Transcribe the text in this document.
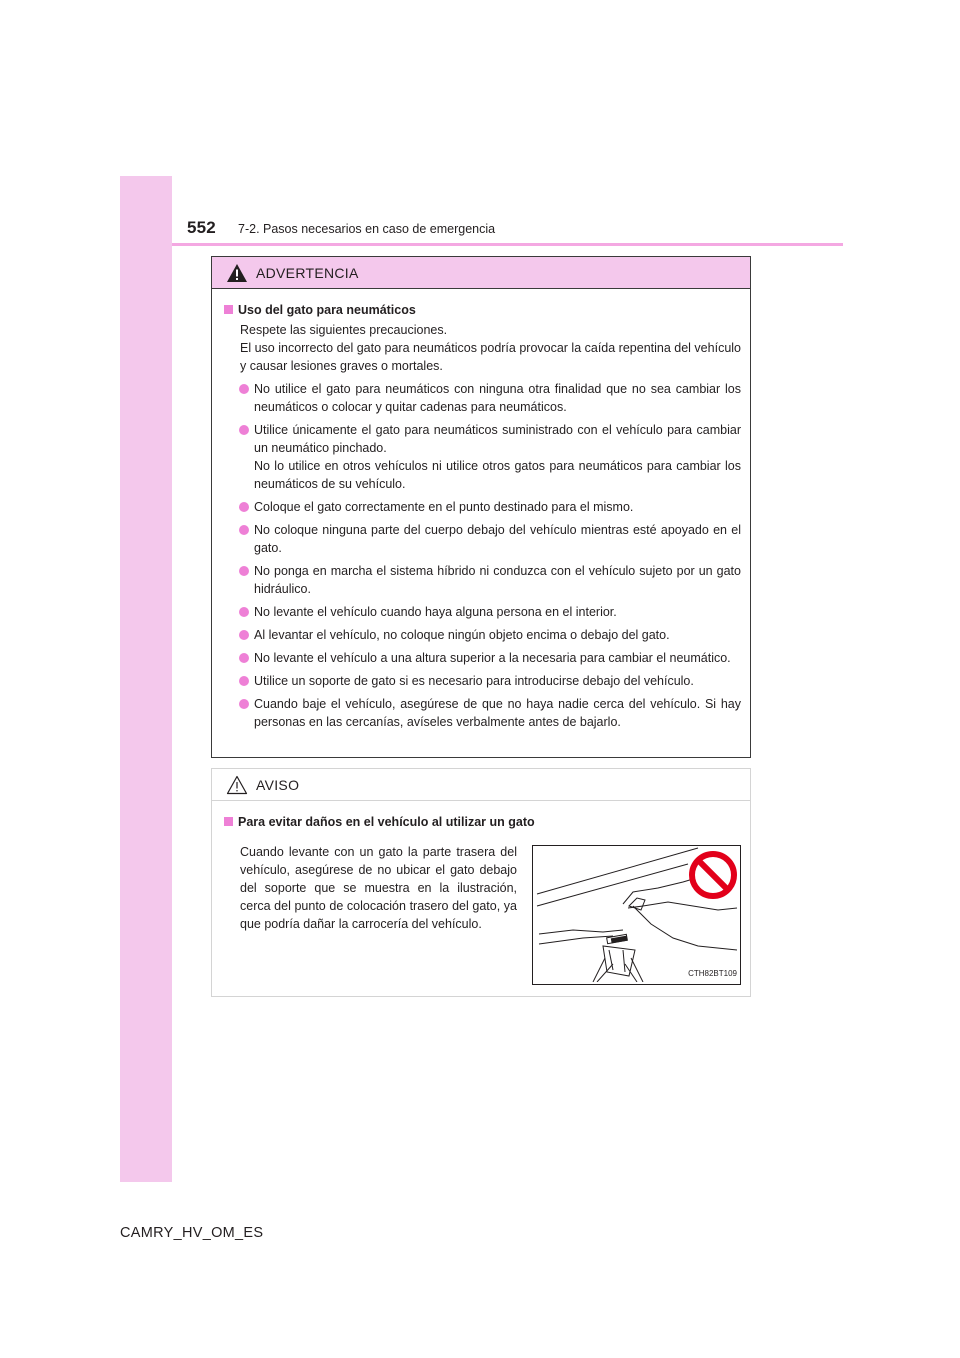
552 7-2. Pasos necesarios en caso de emergencia
ADVERTENCIA
Uso del gato para neumáticos
Respete las siguientes precauciones.
El uso incorrecto del gato para neumáticos podría provocar la caída repentina del vehículo y causar lesiones graves o mortales.
No utilice el gato para neumáticos con ninguna otra finalidad que no sea cambiar los neumáticos o colocar y quitar cadenas para neumáticos.
Utilice únicamente el gato para neumáticos suministrado con el vehículo para cambiar un neumático pinchado.
No lo utilice en otros vehículos ni utilice otros gatos para neumáticos para cambiar los neumáticos de su vehículo.
Coloque el gato correctamente en el punto destinado para el mismo.
No coloque ninguna parte del cuerpo debajo del vehículo mientras esté apoyado en el gato.
No ponga en marcha el sistema híbrido ni conduzca con el vehículo sujeto por un gato hidráulico.
No levante el vehículo cuando haya alguna persona en el interior.
Al levantar el vehículo, no coloque ningún objeto encima o debajo del gato.
No levante el vehículo a una altura superior a la necesaria para cambiar el neumático.
Utilice un soporte de gato si es necesario para introducirse debajo del vehículo.
Cuando baje el vehículo, asegúrese de que no haya nadie cerca del vehículo. Si hay personas en las cercanías, avíseles verbalmente antes de bajarlo.
AVISO
Para evitar daños en el vehículo al utilizar un gato
Cuando levante con un gato la parte trasera del vehículo, asegúrese de no ubicar el gato debajo del soporte que se muestra en la ilustración, cerca del punto de colocación trasero del gato, ya que podría dañar la carrocería del vehículo.
CTH82BT109
CAMRY_HV_OM_ES
